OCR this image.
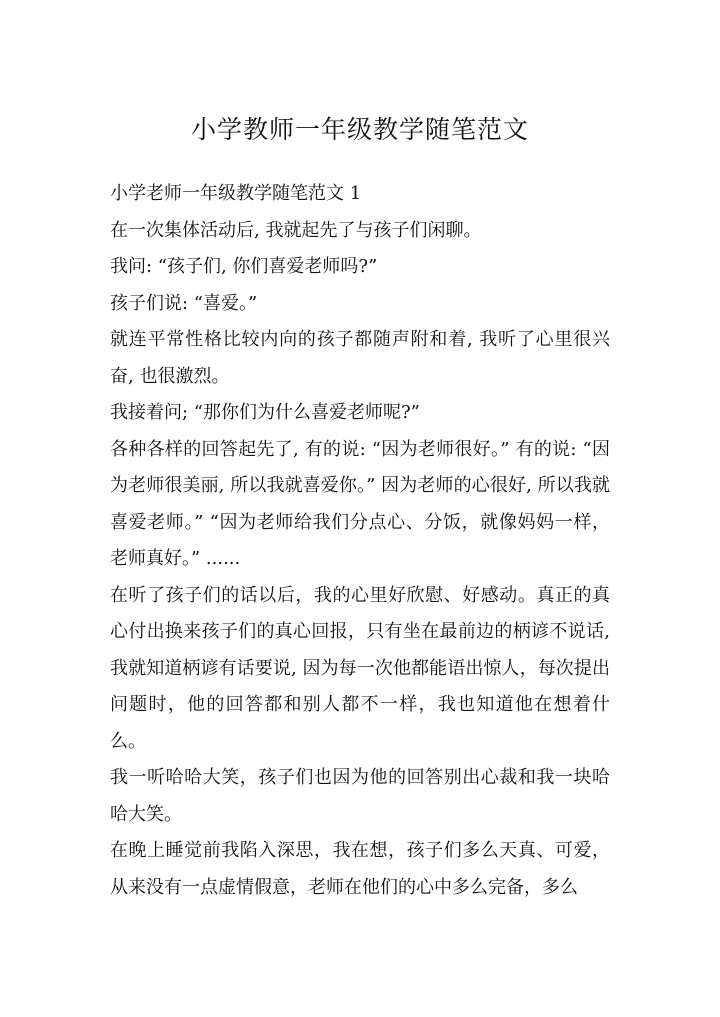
小学教师一年级教学随笔范文

小学老师一年级教学随笔范文 1

在一次集体活动后, 我就起先了与孩子们闲聊。

我问: “孩子们, 你们喜爱老师吗?”

孩子们说: “喜爱。”

就连平常性格比较内向的孩子都随声附和着, 我听了心里很兴奋, 也很激烈。

我接着问; “那你们为什么喜爱老师呢?”

各种各样的回答起先了, 有的说: “因为老师很好。” 有的说: “因为老师很美丽, 所以我就喜爱你。” 因为老师的心很好, 所以我就喜爱老师。” “因为老师给我们分点心、分饭，就像妈妈一样，老师真好。” ......

在听了孩子们的话以后，我的心里好欣慰、好感动。真正的真心付出换来孩子们的真心回报，只有坐在最前边的柄谚不说话, 我就知道柄谚有话要说, 因为每一次他都能语出惊人，每次提出问题时，他的回答都和别人都不一样，我也知道他在想着什么。

我一听哈哈大笑，孩子们也因为他的回答别出心裁和我一块哈哈大笑。

在晚上睡觉前我陷入深思，我在想，孩子们多么天真、可爱，从来没有一点虚情假意，老师在他们的心中多么完备，多么
